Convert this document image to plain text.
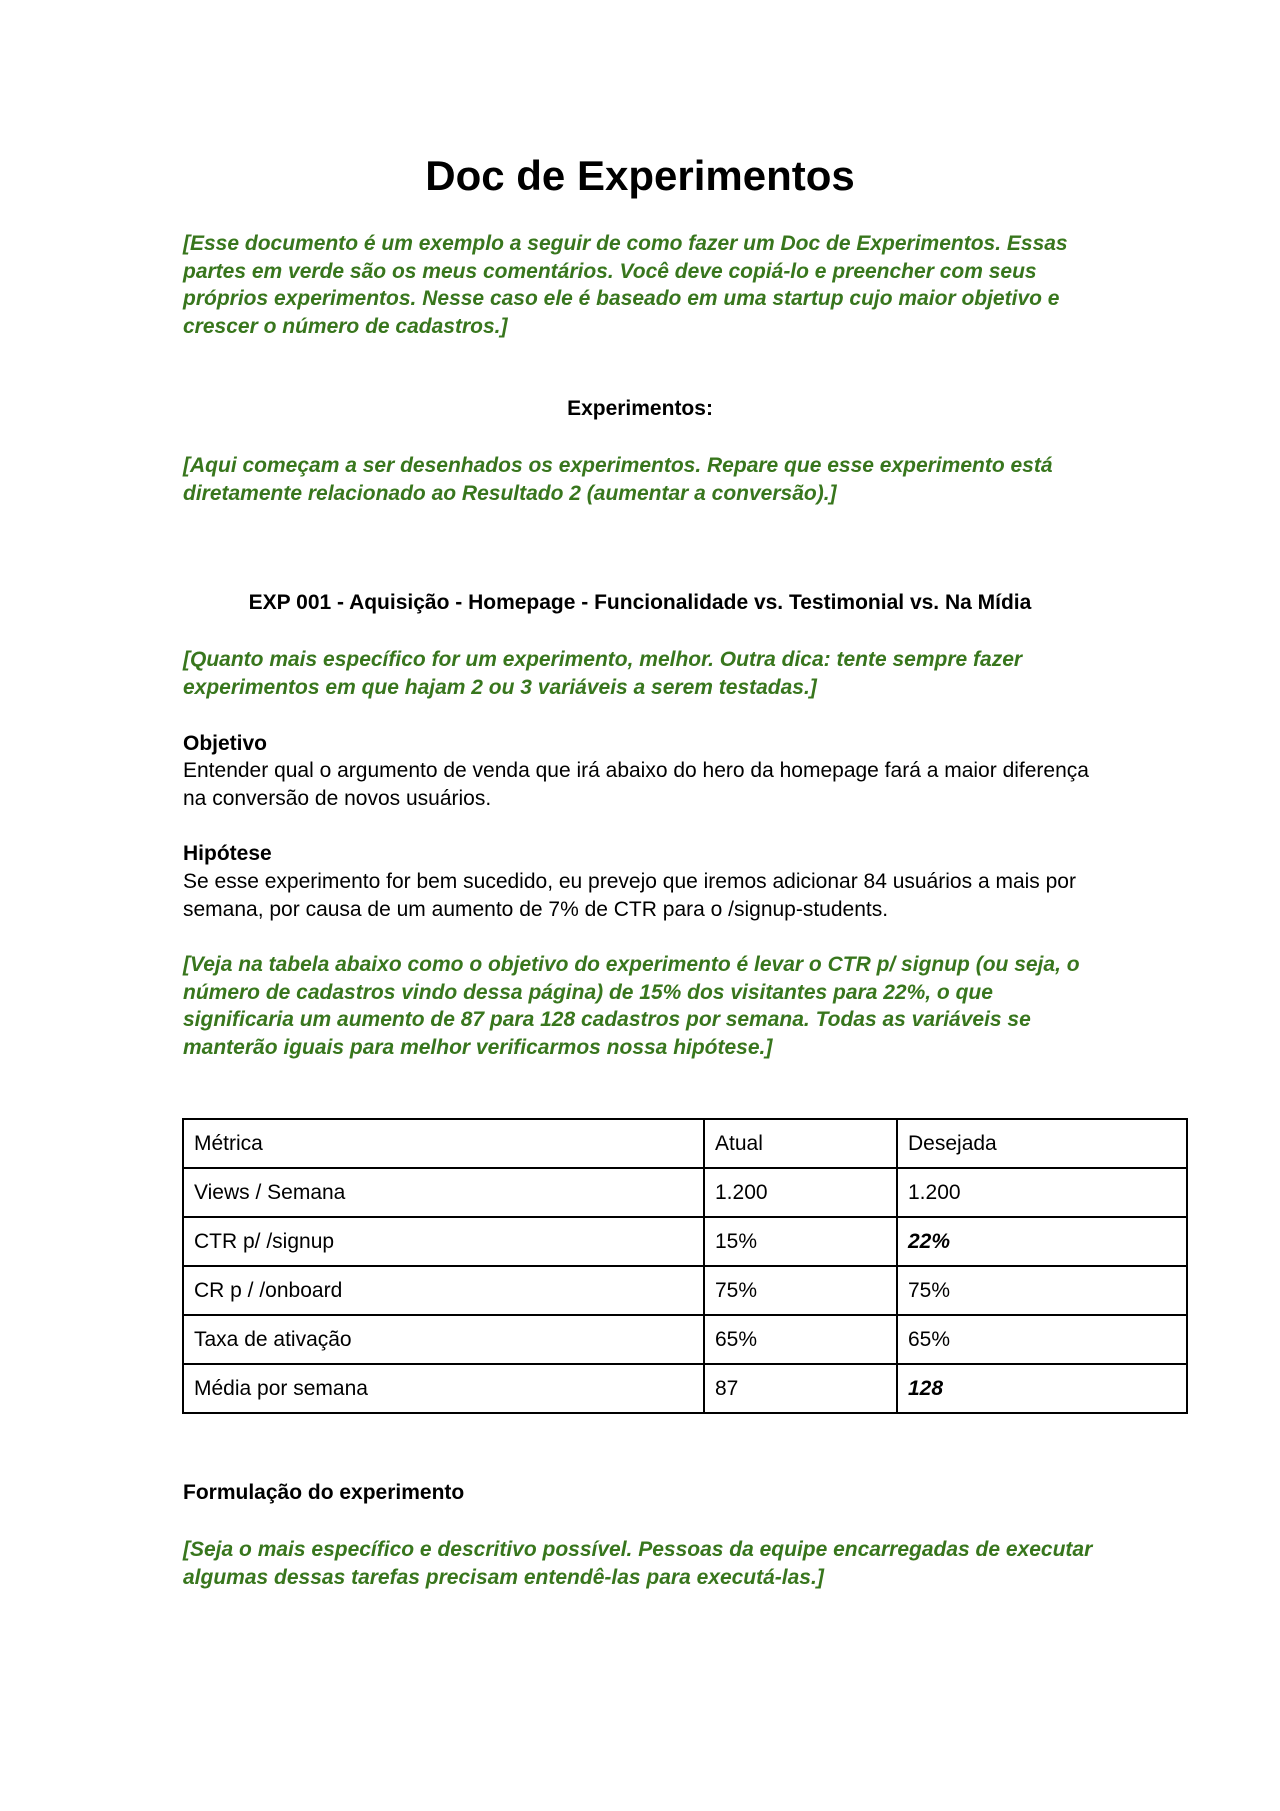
Doc de Experimentos
[Esse documento é um exemplo a seguir de como fazer um Doc de Experimentos. Essas partes em verde são os meus comentários. Você deve copiá-lo e preencher com seus próprios experimentos. Nesse caso ele é baseado em uma startup cujo maior objetivo e crescer o número de cadastros.]
Experimentos:
[Aqui começam a ser desenhados os experimentos. Repare que esse experimento está diretamente relacionado ao Resultado 2 (aumentar a conversão).]
EXP 001 - Aquisição - Homepage - Funcionalidade vs. Testimonial vs. Na Mídia
[Quanto mais específico for um experimento, melhor. Outra dica: tente sempre fazer experimentos em que hajam 2 ou 3 variáveis a serem testadas.]
Objetivo
Entender qual o argumento de venda que irá abaixo do hero da homepage fará a maior diferença na conversão de novos usuários.
Hipótese
Se esse experimento for bem sucedido, eu prevejo que iremos adicionar 84 usuários a mais por semana, por causa de um aumento de 7% de CTR para o /signup-students.
[Veja na tabela abaixo como o objetivo do experimento é levar o CTR p/ signup (ou seja, o número de cadastros vindo dessa página) de 15% dos visitantes para 22%, o que significaria um aumento de 87 para 128 cadastros por semana. Todas as variáveis se manterão iguais para melhor verificarmos nossa hipótese.]
Métrica	Atual	Desejada
Views / Semana	1.200	1.200
CTR p/ /signup	15%	22%
CR p / /onboard	75%	75%
Taxa de ativação	65%	65%
Média por semana	87	128
Formulação do experimento
[Seja o mais específico e descritivo possível. Pessoas da equipe encarregadas de executar algumas dessas tarefas precisam entendê-las para executá-las.]
